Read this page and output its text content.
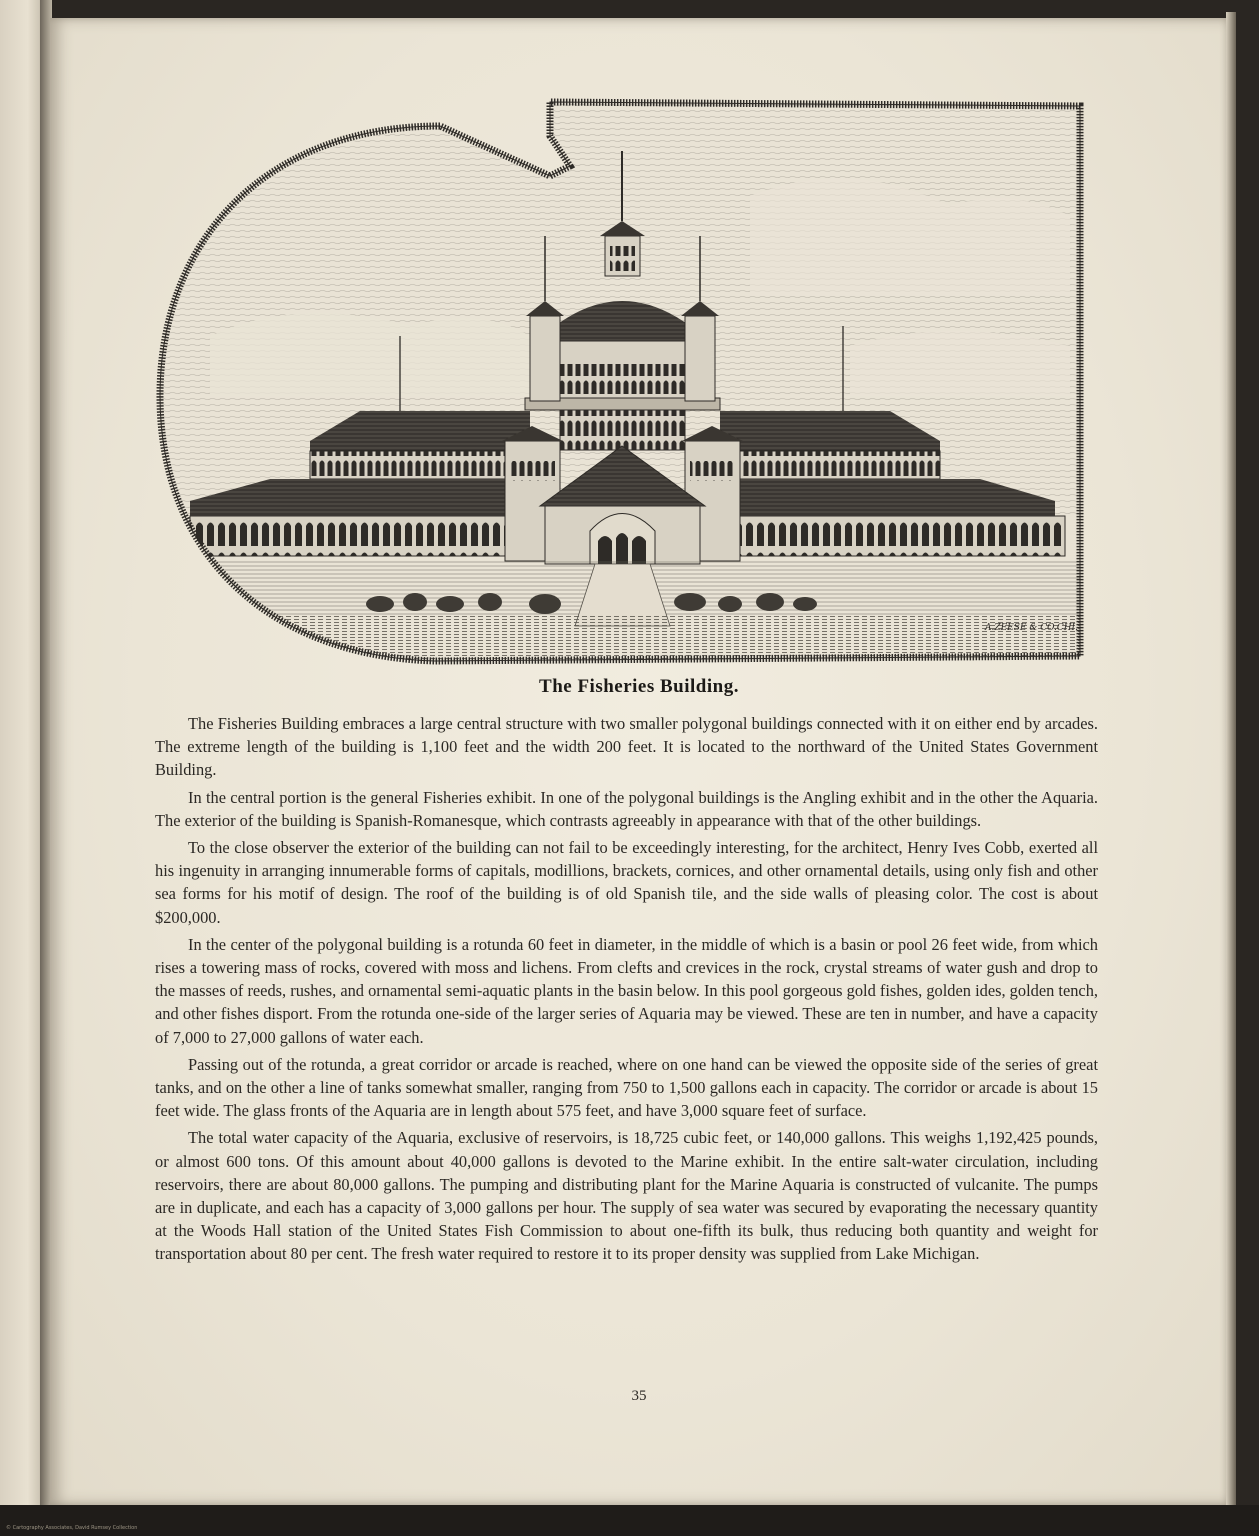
A.ZEESE & CO.CHI.
The Fisheries Building.

The Fisheries Building embraces a large central structure with two smaller polygonal buildings connected with it on either end by arcades. The extreme length of the building is 1,100 feet and the width 200 feet. It is located to the northward of the United States Government Building.

In the central portion is the general Fisheries exhibit. In one of the polygonal buildings is the Angling exhibit and in the other the Aquaria. The exterior of the building is Spanish-Romanesque, which contrasts agreeably in appearance with that of the other buildings.

To the close observer the exterior of the building can not fail to be exceedingly interesting, for the architect, Henry Ives Cobb, exerted all his ingenuity in arranging innumerable forms of capitals, modillions, brackets, cornices, and other ornamental details, using only fish and other sea forms for his motif of design. The roof of the building is of old Spanish tile, and the side walls of pleasing color. The cost is about $200,000.

In the center of the polygonal building is a rotunda 60 feet in diameter, in the middle of which is a basin or pool 26 feet wide, from which rises a towering mass of rocks, covered with moss and lichens. From clefts and crevices in the rock, crystal streams of water gush and drop to the masses of reeds, rushes, and ornamental semi-aquatic plants in the basin below. In this pool gorgeous gold fishes, golden ides, golden tench, and other fishes disport. From the rotunda one-side of the larger series of Aquaria may be viewed. These are ten in number, and have a capacity of 7,000 to 27,000 gallons of water each.

Passing out of the rotunda, a great corridor or arcade is reached, where on one hand can be viewed the opposite side of the series of great tanks, and on the other a line of tanks somewhat smaller, ranging from 750 to 1,500 gallons each in capacity. The corridor or arcade is about 15 feet wide. The glass fronts of the Aquaria are in length about 575 feet, and have 3,000 square feet of surface.

The total water capacity of the Aquaria, exclusive of reservoirs, is 18,725 cubic feet, or 140,000 gallons. This weighs 1,192,425 pounds, or almost 600 tons. Of this amount about 40,000 gallons is devoted to the Marine exhibit. In the entire salt-water circulation, including reservoirs, there are about 80,000 gallons. The pumping and distributing plant for the Marine Aquaria is constructed of vulcanite. The pumps are in duplicate, and each has a capacity of 3,000 gallons per hour. The supply of sea water was secured by evaporating the necessary quantity at the Woods Hall station of the United States Fish Commission to about one-fifth its bulk, thus reducing both quantity and weight for transportation about 80 per cent. The fresh water required to restore it to its proper density was supplied from Lake Michigan.

35
© Cartography Associates, David Rumsey Collection
